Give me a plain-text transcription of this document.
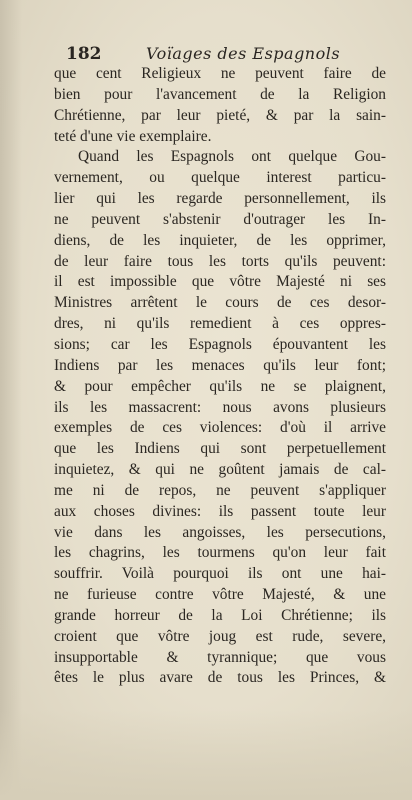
182	Voïages des Espagnols
que cent Religieux ne peuvent faire de
bien pour l'avancement de la Religion
Chrétienne, par leur pieté, & par la sain-
teté d'une vie exemplaire.
Quand les Espagnols ont quelque Gou-
vernement, ou quelque interest particu-
lier qui les regarde personnellement, ils
ne peuvent s'abstenir d'outrager les In-
diens, de les inquieter, de les opprimer,
de leur faire tous les torts qu'ils peuvent:
il est impossible que vôtre Majesté ni ses
Ministres arrêtent le cours de ces desor-
dres, ni qu'ils remedient à ces oppres-
sions; car les Espagnols épouvantent les
Indiens par les menaces qu'ils leur font;
& pour empêcher qu'ils ne se plaignent,
ils les massacrent: nous avons plusieurs
exemples de ces violences: d'où il arrive
que les Indiens qui sont perpetuellement
inquietez, & qui ne goûtent jamais de cal-
me ni de repos, ne peuvent s'appliquer
aux choses divines: ils passent toute leur
vie dans les angoisses, les persecutions,
les chagrins, les tourmens qu'on leur fait
souffrir. Voilà pourquoi ils ont une hai-
ne furieuse contre vôtre Majesté, & une
grande horreur de la Loi Chrétienne; ils
croient que vôtre joug est rude, severe,
insupportable & tyrannique; que vous
êtes le plus avare de tous les Princes, &
